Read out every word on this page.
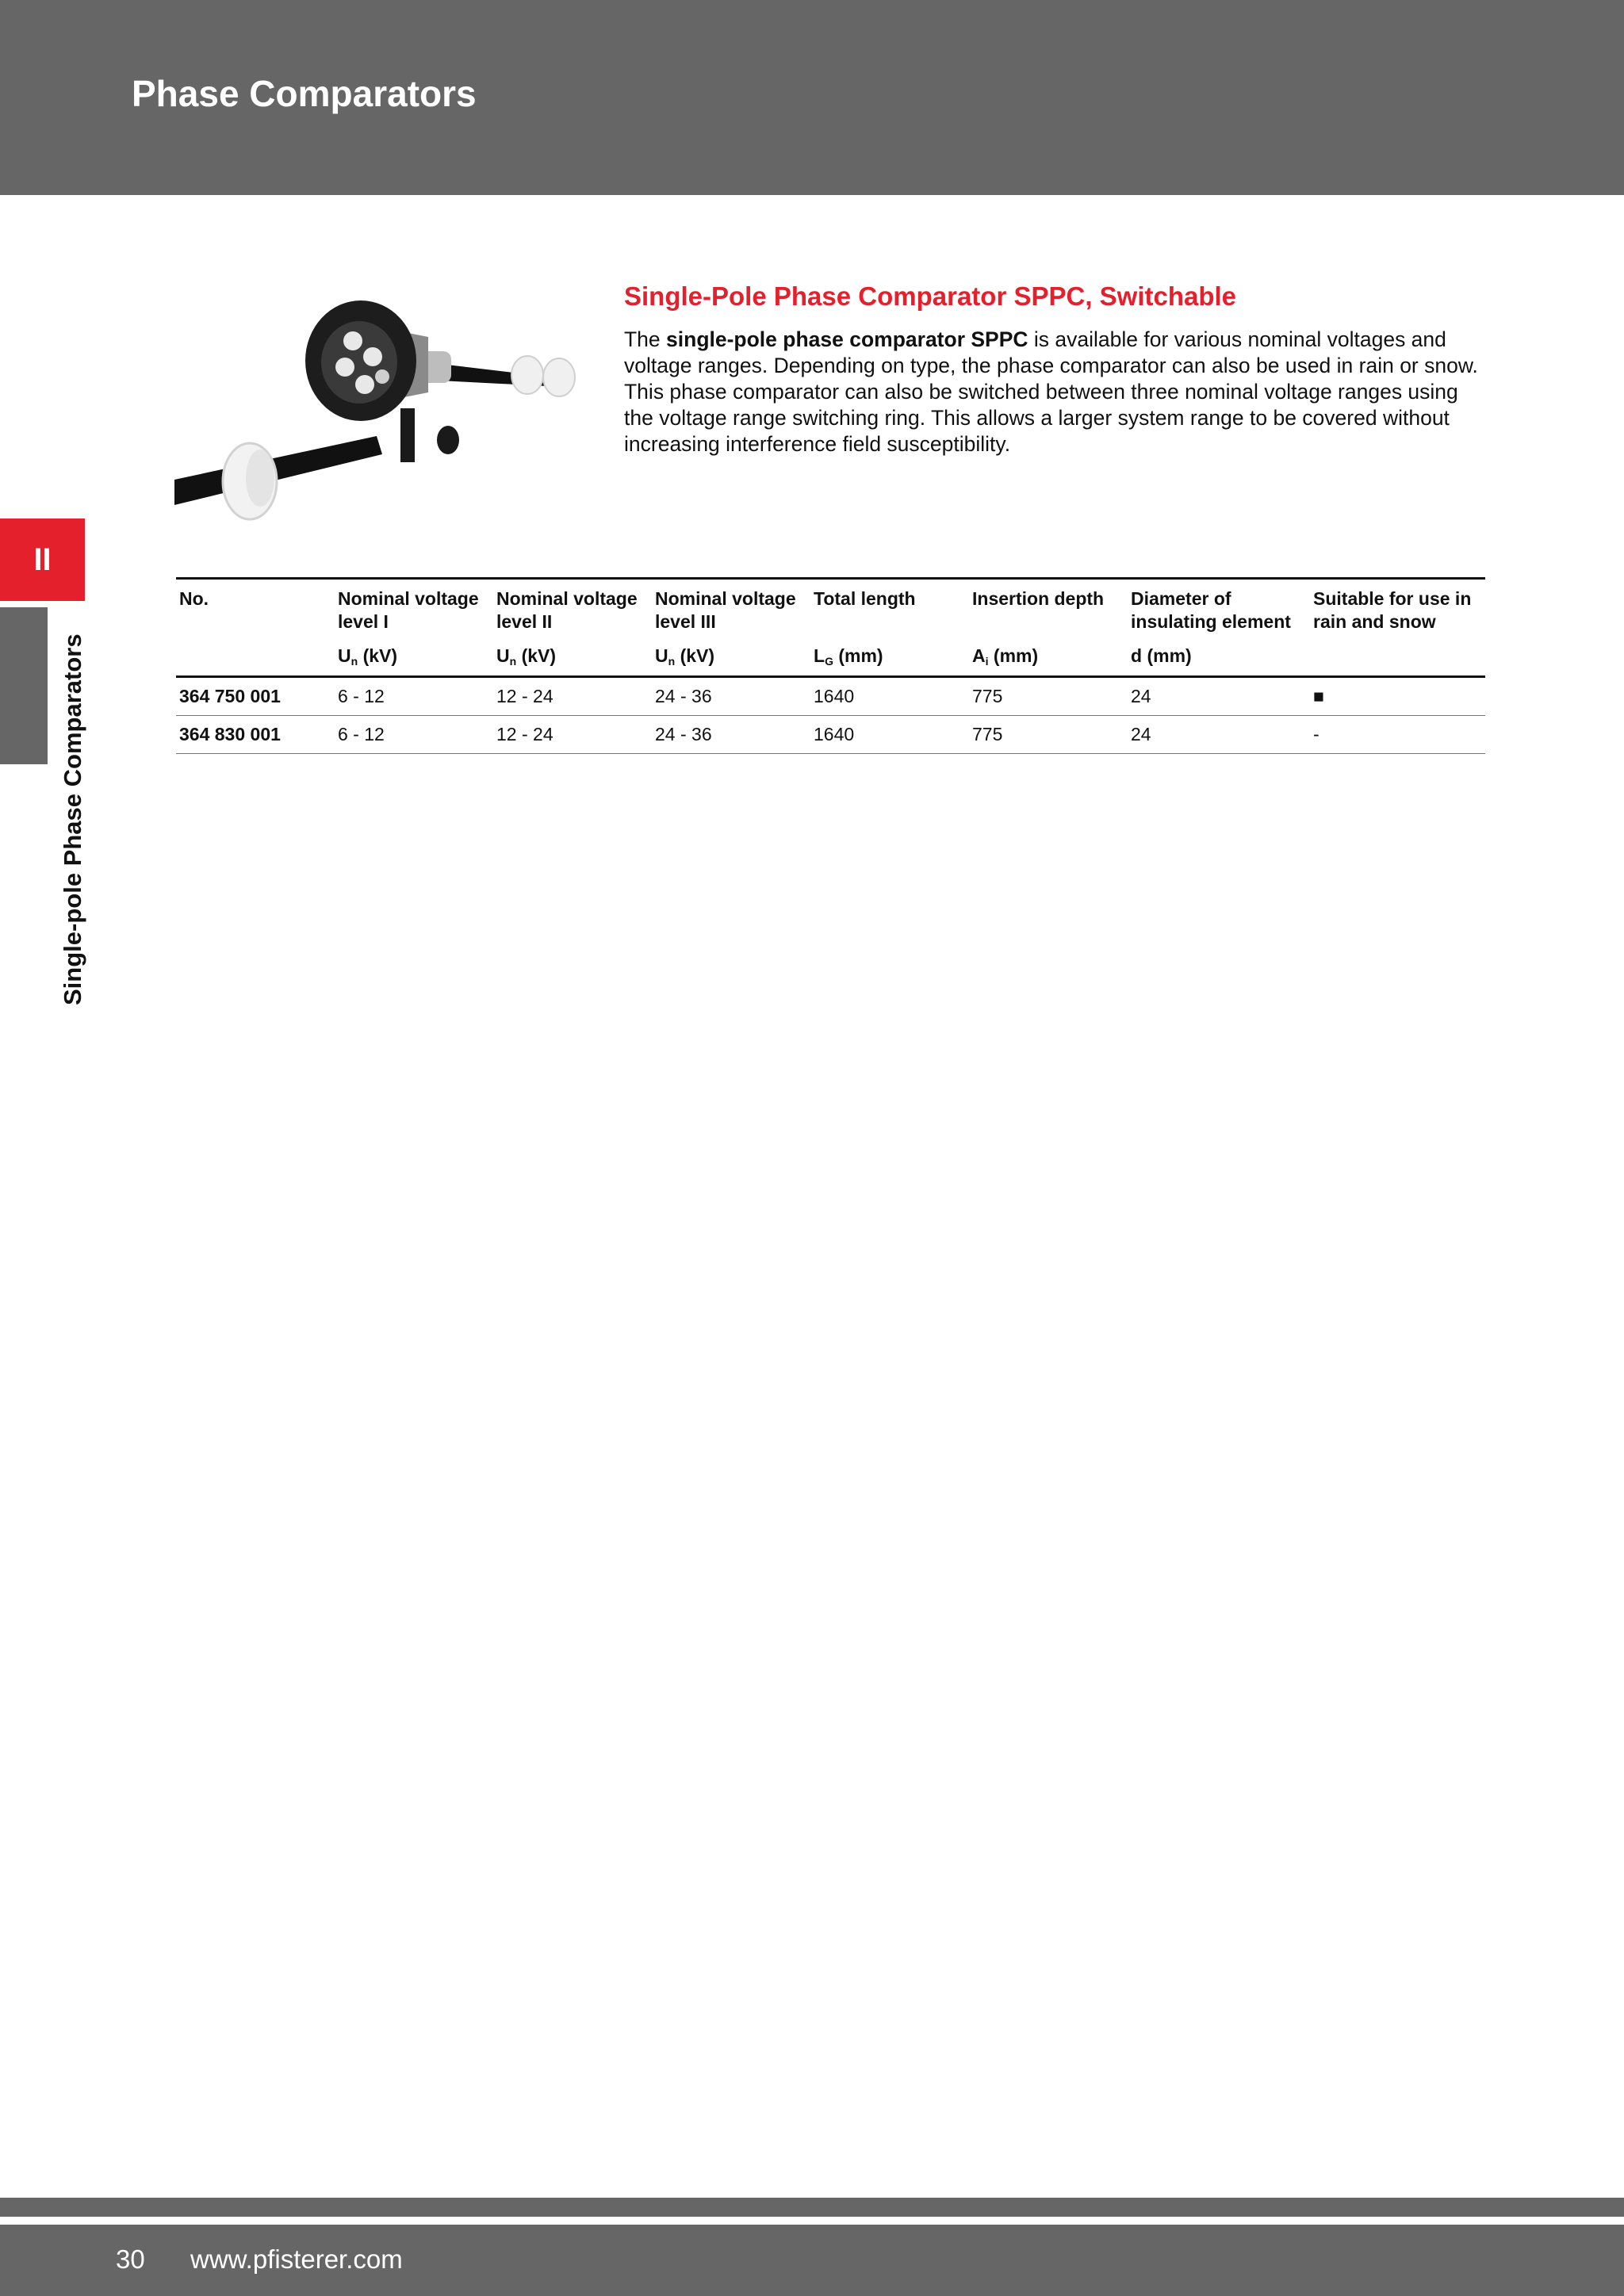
Phase Comparators
II
Single-pole Phase Comparators
Single-Pole Phase Comparator SPPC, Switchable

The single-pole phase comparator SPPC is available for various nominal voltages and voltage ranges. Depending on type, the phase comparator can also be used in rain or snow. This phase comparator can also be switched between three nominal voltage ranges using the voltage range switching ring. This allows a larger system range to be covered without increasing interference field susceptibility.

No.	Nominal voltage level I	Nominal voltage level II	Nominal voltage level III	Total length	Insertion depth	Diameter of insulating element	Suitable for use in rain and snow
	$U_n$ (kV)	$U_n$ (kV)	$U_n$ (kV)	$L_G$ (mm)	$A_i$ (mm)	d (mm)	
364 750 001	6 - 12	12 - 24	24 - 36	1640	775	24	■
364 830 001	6 - 12	12 - 24	24 - 36	1640	775	24	-
30 www.pfisterer.com
